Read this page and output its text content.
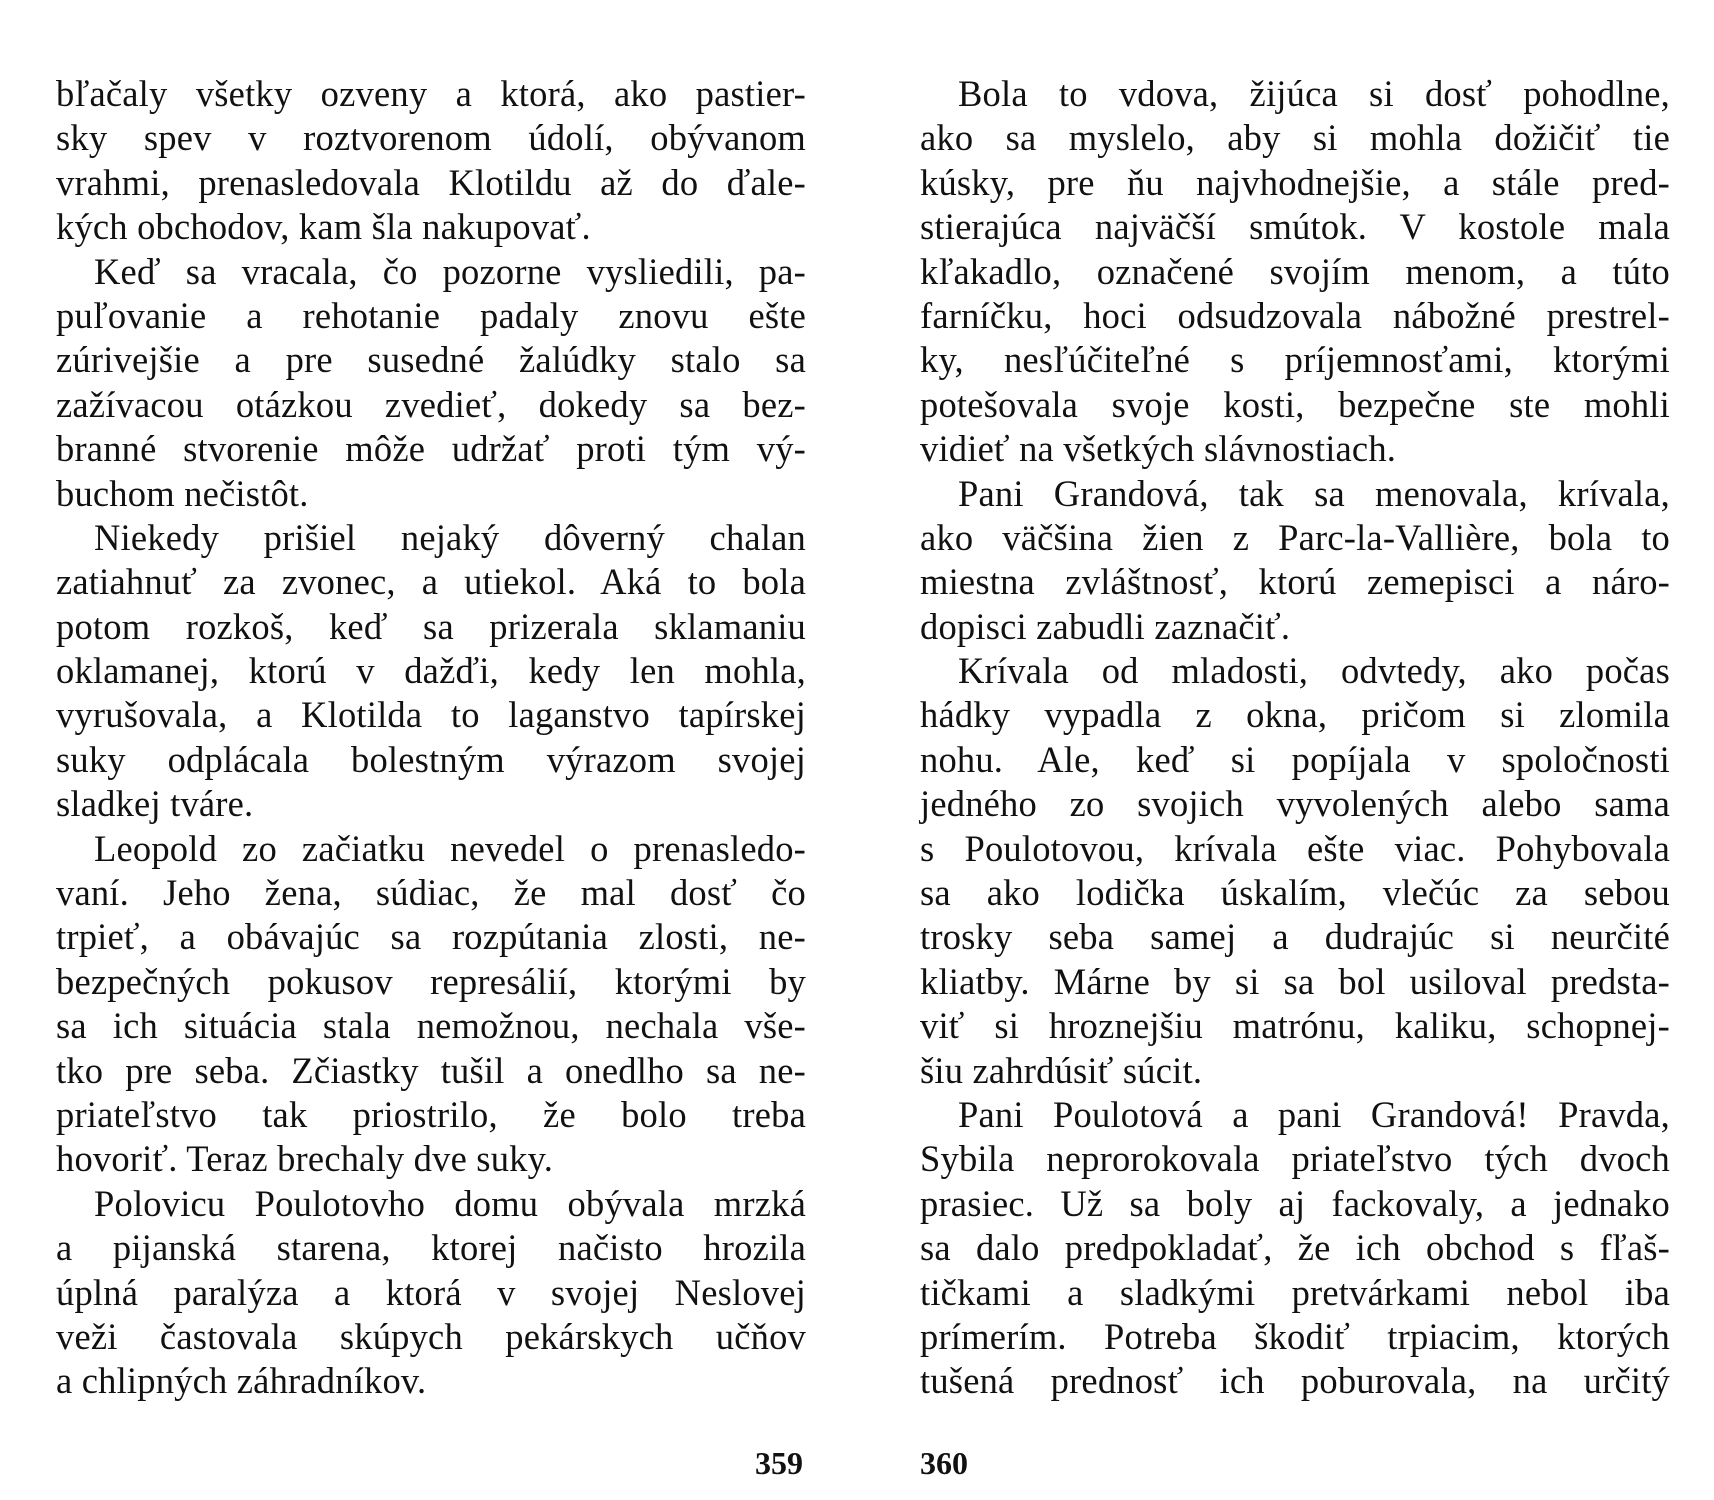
bľačaly všetky ozveny a ktorá, ako pastier-
sky spev v roztvorenom údolí, obývanom
vrahmi, prenasledovala Klotildu až do ďale-
kých obchodov, kam šla nakupovať.
Keď sa vracala, čo pozorne vysliedili, pa-
puľovanie a rehotanie padaly znovu ešte
zúrivejšie a pre susedné žalúdky stalo sa
zažívacou otázkou zvedieť, dokedy sa bez-
branné stvorenie môže udržať proti tým vý-
buchom nečistôt.
Niekedy prišiel nejaký dôverný chalan
zatiahnuť za zvonec, a utiekol. Aká to bola
potom rozkoš, keď sa prizerala sklamaniu
oklamanej, ktorú v dažďi, kedy len mohla,
vyrušovala, a Klotilda to laganstvo tapírskej
suky odplácala bolestným výrazom svojej
sladkej tváre.
Leopold zo začiatku nevedel o prenasledo-
vaní. Jeho žena, súdiac, že mal dosť čo
trpieť, a obávajúc sa rozpútania zlosti, ne-
bezpečných pokusov represálií, ktorými by
sa ich situácia stala nemožnou, nechala vše-
tko pre seba. Zčiastky tušil a onedlho sa ne-
priateľstvo tak priostrilo, že bolo treba
hovoriť. Teraz brechaly dve suky.
Polovicu Poulotovho domu obývala mrzká
a pijanská starena, ktorej načisto hrozila
úplná paralýza a ktorá v svojej Neslovej
veži častovala skúpych pekárskych učňov
a chlipných záhradníkov.
Bola to vdova, žijúca si dosť pohodlne,
ako sa myslelo, aby si mohla dožičiť tie
kúsky, pre ňu najvhodnejšie, a stále pred-
stierajúca najväčší smútok. V kostole mala
kľakadlo, označené svojím menom, a túto
farníčku, hoci odsudzovala nábožné prestrel-
ky, nesľúčiteľné s príjemnosťami, ktorými
potešovala svoje kosti, bezpečne ste mohli
vidieť na všetkých slávnostiach.
Pani Grandová, tak sa menovala, krívala,
ako väčšina žien z Parc-la-Vallière, bola to
miestna zvláštnosť, ktorú zemepisci a náro-
dopisci zabudli zaznačiť.
Krívala od mladosti, odvtedy, ako počas
hádky vypadla z okna, pričom si zlomila
nohu. Ale, keď si popíjala v spoločnosti
jedného zo svojich vyvolených alebo sama
s Poulotovou, krívala ešte viac. Pohybovala
sa ako lodička úskalím, vlečúc za sebou
trosky seba samej a dudrajúc si neurčité
kliatby. Márne by si sa bol usiloval predsta-
viť si hroznejšiu matrónu, kaliku, schopnej-
šiu zahrdúsiť súcit.
Pani Poulotová a pani Grandová! Pravda,
Sybila neprorokovala priateľstvo tých dvoch
prasiec. Už sa boly aj fackovaly, a jednako
sa dalo predpokladať, že ich obchod s fľaš-
tičkami a sladkými pretvárkami nebol iba
prímerím. Potreba škodiť trpiacim, ktorých
tušená prednosť ich poburovala, na určitý
359	360
